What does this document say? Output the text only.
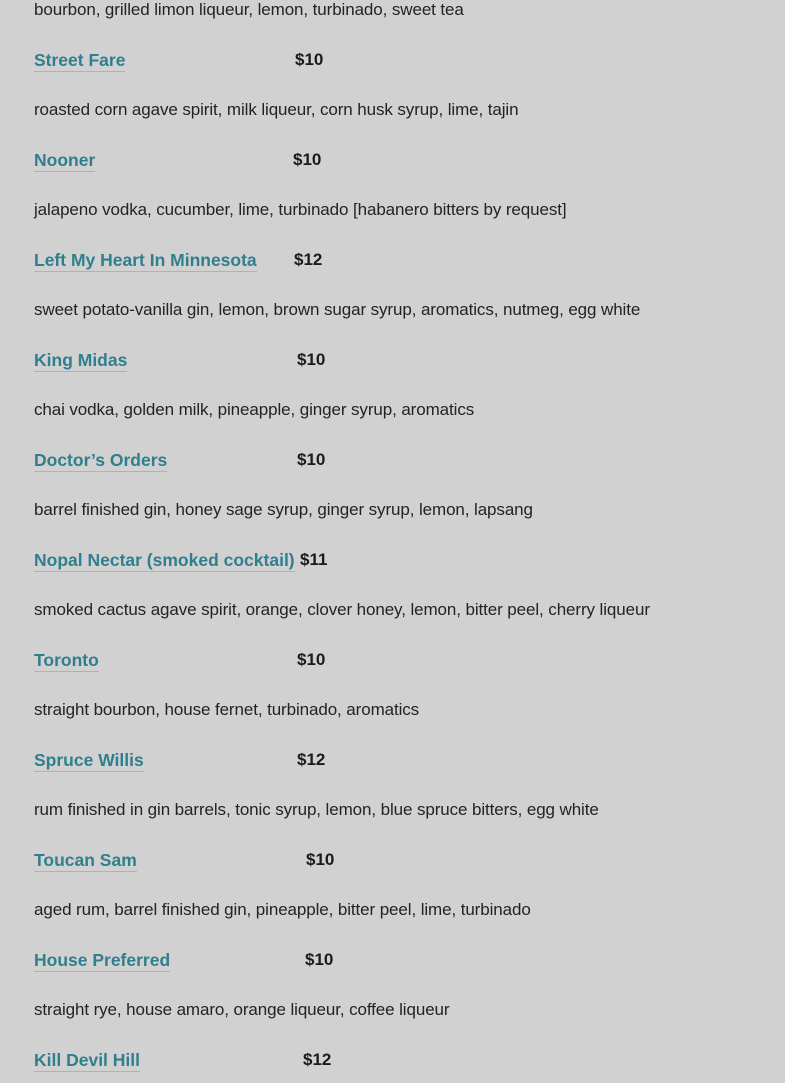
bourbon, grilled limon liqueur, lemon, turbinado, sweet tea
Street Fare	$10
roasted corn agave spirit, milk liqueur, corn husk syrup, lime, tajin
Nooner	$10
jalapeno vodka, cucumber, lime, turbinado [habanero bitters by request]
Left My Heart In Minnesota $12
sweet potato-vanilla gin, lemon, brown sugar syrup, aromatics, nutmeg, egg white
King Midas	$10
chai vodka, golden milk, pineapple, ginger syrup, aromatics
Doctor’s Orders	$10
barrel finished gin, honey sage syrup, ginger syrup, lemon, lapsang
Nopal Nectar (smoked cocktail) $11
smoked cactus agave spirit, orange, clover honey, lemon, bitter peel, cherry liqueur
Toronto	$10
straight bourbon, house fernet, turbinado, aromatics
Spruce Willis	$12
rum finished in gin barrels, tonic syrup, lemon, blue spruce bitters, egg white
Toucan Sam	$10
aged rum, barrel finished gin, pineapple, bitter peel, lime, turbinado
House Preferred	$10
straight rye, house amaro, orange liqueur, coffee liqueur
Kill Devil Hill	$12
